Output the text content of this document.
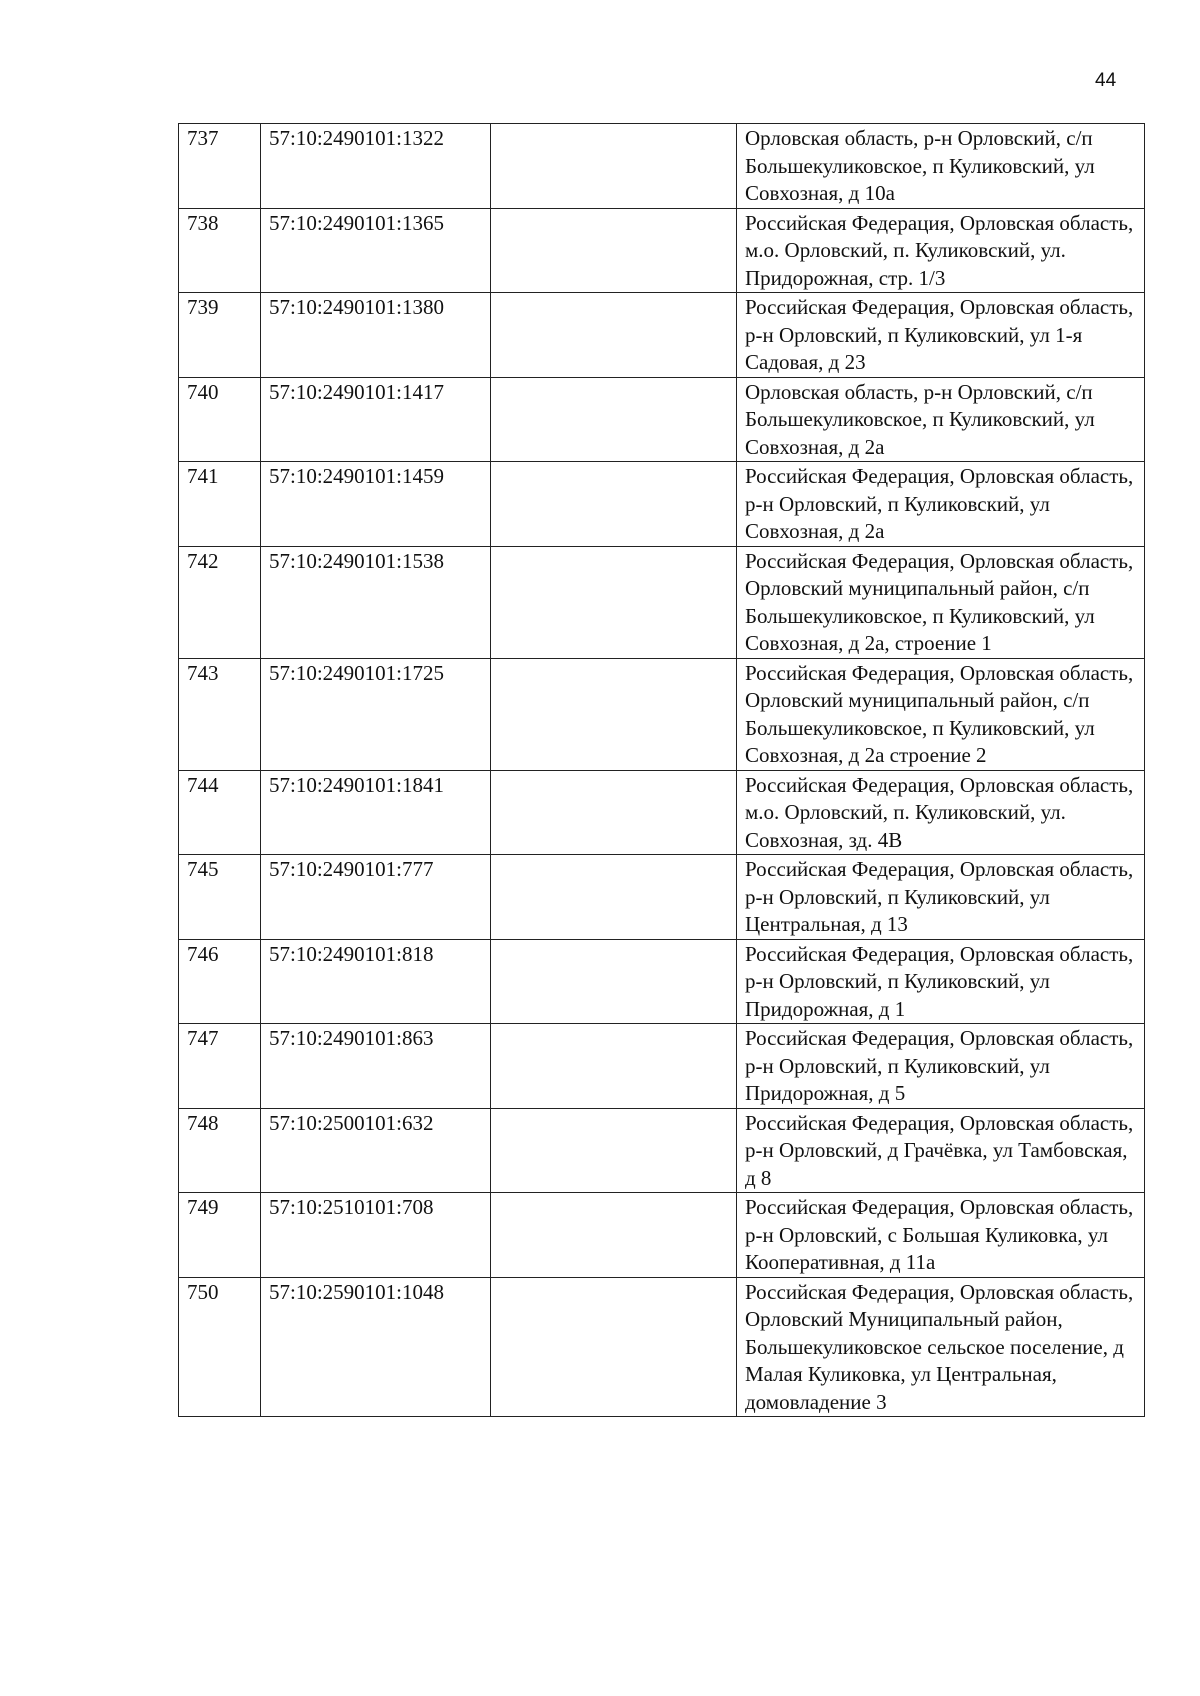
44
737	57:10:2490101:1322		Орловская область, р-н Орловский, с/п Большекуликовское, п Куликовский, ул Совхозная, д 10а
738	57:10:2490101:1365		Российская Федерация, Орловская область, м.о. Орловский, п. Куликовский, ул. Придорожная, стр. 1/3
739	57:10:2490101:1380		Российская Федерация, Орловская область, р-н Орловский, п Куликовский, ул 1-я Садовая, д 23
740	57:10:2490101:1417		Орловская область, р-н Орловский, с/п Большекуликовское, п Куликовский, ул Совхозная, д 2а
741	57:10:2490101:1459		Российская Федерация, Орловская область, р-н Орловский, п Куликовский, ул Совхозная, д 2а
742	57:10:2490101:1538		Российская Федерация, Орловская область, Орловский муниципальный район, с/п Большекуликовское, п Куликовский, ул Совхозная, д 2а, строение 1
743	57:10:2490101:1725		Российская Федерация, Орловская область, Орловский муниципальный район, с/п Большекуликовское, п Куликовский, ул Совхозная, д 2а строение 2
744	57:10:2490101:1841		Российская Федерация, Орловская область, м.о. Орловский, п. Куликовский, ул. Совхозная, зд. 4В
745	57:10:2490101:777		Российская Федерация, Орловская область, р-н Орловский, п Куликовский, ул Центральная, д 13
746	57:10:2490101:818		Российская Федерация, Орловская область, р-н Орловский, п Куликовский, ул Придорожная, д 1
747	57:10:2490101:863		Российская Федерация, Орловская область, р-н Орловский, п Куликовский, ул Придорожная, д 5
748	57:10:2500101:632		Российская Федерация, Орловская область, р-н Орловский, д Грачёвка, ул Тамбовская, д 8
749	57:10:2510101:708		Российская Федерация, Орловская область, р-н Орловский, с Большая Куликовка, ул Кооперативная, д 11а
750	57:10:2590101:1048		Российская Федерация, Орловская область, Орловский Муниципальный район, Большекуликовское сельское поселение, д Малая Куликовка, ул Центральная, домовладение 3
